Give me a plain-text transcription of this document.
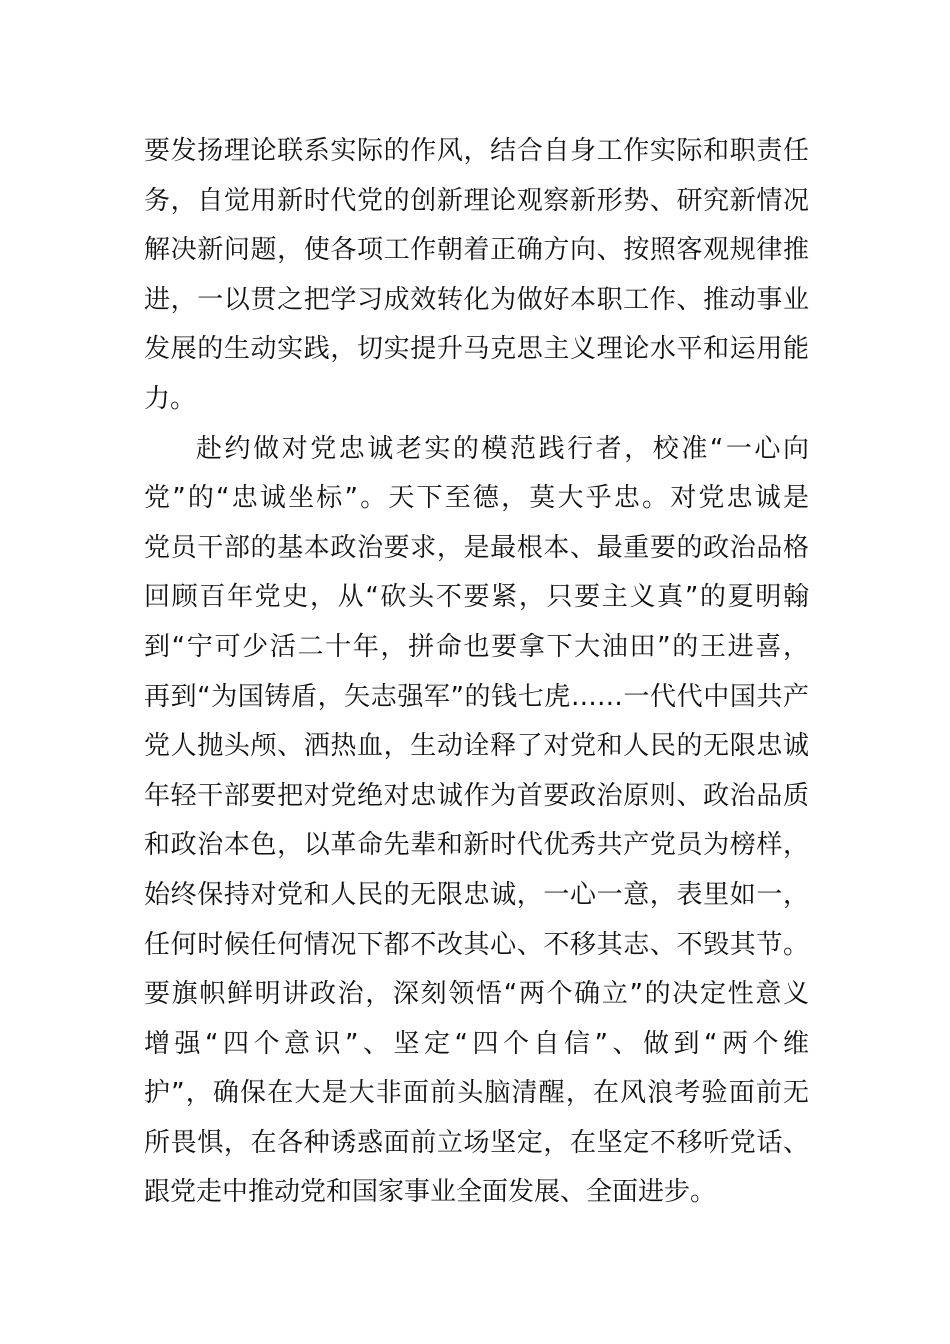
要发扬理论联系实际的作风，结合自身工作实际和职责任
务，自觉用新时代党的创新理论观察新形势、研究新情况
解决新问题，使各项工作朝着正确方向、按照客观规律推
进，一以贯之把学习成效转化为做好本职工作、推动事业
发展的生动实践，切实提升马克思主义理论水平和运用能
力。
赴约做对党忠诚老实的模范践行者，校准“一心向
党”的“忠诚坐标”。天下至德，莫大乎忠。对党忠诚是
党员干部的基本政治要求，是最根本、最重要的政治品格
回顾百年党史，从“砍头不要紧，只要主义真”的夏明翰
到“宁可少活二十年，拼命也要拿下大油田”的王进喜，
再到“为国铸盾，矢志强军”的钱七虎……一代代中国共产
党人抛头颅、洒热血，生动诠释了对党和人民的无限忠诚
年轻干部要把对党绝对忠诚作为首要政治原则、政治品质
和政治本色，以革命先辈和新时代优秀共产党员为榜样，
始终保持对党和人民的无限忠诚，一心一意，表里如一，
任何时候任何情况下都不改其心、不移其志、不毁其节。
要旗帜鲜明讲政治，深刻领悟“两个确立”的决定性意义
增强“四个意识”、坚定“四个自信”、做到“两个维
护”，确保在大是大非面前头脑清醒，在风浪考验面前无
所畏惧，在各种诱惑面前立场坚定，在坚定不移听党话、
跟党走中推动党和国家事业全面发展、全面进步。
